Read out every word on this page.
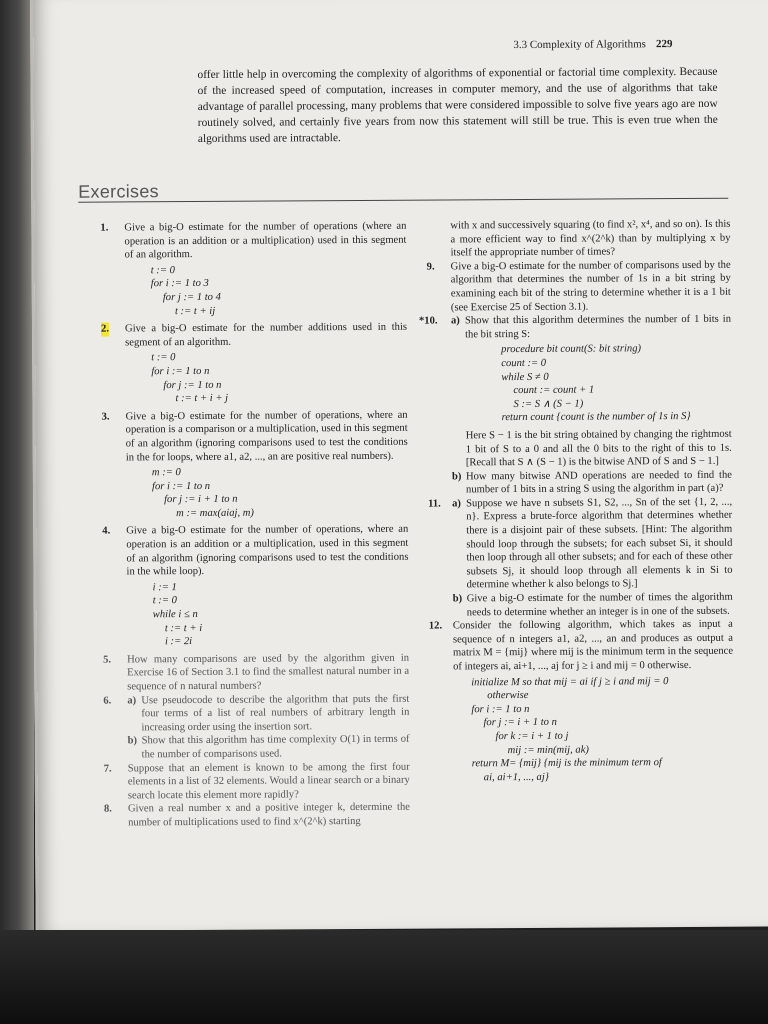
3.3 Complexity of Algorithms 229
offer little help in overcoming the complexity of algorithms of exponential or factorial time complexity. Because of the increased speed of computation, increases in computer memory, and the use of algorithms that take advantage of parallel processing, many problems that were considered impossible to solve five years ago are now routinely solved, and certainly five years from now this statement will still be true. This is even true when the algorithms used are intractable.
Exercises
1. Give a big-O estimate for the number of operations (where an operation is an addition or a multiplication) used in this segment of an algorithm.
t := 0
for i := 1 to 3
for j := 1 to 4
t := t + ij
2. Give a big-O estimate for the number additions used in this segment of an algorithm.
t := 0
for i := 1 to n
for j := 1 to n
t := t + i + j
3. Give a big-O estimate for the number of operations, where an operation is a comparison or a multiplication, used in this segment of an algorithm (ignoring comparisons used to test the conditions in the for loops, where a1, a2, ..., an are positive real numbers).
m := 0
for i := 1 to n
for j := i + 1 to n
m := max(aiaj, m)
4. Give a big-O estimate for the number of operations, where an operation is an addition or a multiplication, used in this segment of an algorithm (ignoring comparisons used to test the conditions in the while loop).
i := 1
t := 0
while i ≤ n
t := t + i
i := 2i
5. How many comparisons are used by the algorithm given in Exercise 16 of Section 3.1 to find the smallest natural number in a sequence of n natural numbers?
6. a) Use pseudocode to describe the algorithm that puts the first four terms of a list of real numbers of arbitrary length in increasing order using the insertion sort.
b) Show that this algorithm has time complexity O(1) in terms of the number of comparisons used.
7. Suppose that an element is known to be among the first four elements in a list of 32 elements. Would a linear search or a binary search locate this element more rapidly?
8. Given a real number x and a positive integer k, determine the number of multiplications used to find x^(2^k) starting
with x and successively squaring (to find x², x⁴, and so on). Is this a more efficient way to find x^(2^k) than by multiplying x by itself the appropriate number of times?
9. Give a big-O estimate for the number of comparisons used by the algorithm that determines the number of 1s in a bit string by examining each bit of the string to determine whether it is a 1 bit (see Exercise 25 of Section 3.1).
*10. a) Show that this algorithm determines the number of 1 bits in the bit string S:
procedure bit count(S: bit string)
count := 0
while S ≠ 0
count := count + 1
S := S ∧ (S − 1)
return count {count is the number of 1s in S}
Here S − 1 is the bit string obtained by changing the rightmost 1 bit of S to a 0 and all the 0 bits to the right of this to 1s. [Recall that S ∧ (S − 1) is the bitwise AND of S and S − 1.]
b) How many bitwise AND operations are needed to find the number of 1 bits in a string S using the algorithm in part (a)?
11. a) Suppose we have n subsets S1, S2, ..., Sn of the set {1, 2, ..., n}. Express a brute-force algorithm that determines whether there is a disjoint pair of these subsets. [Hint: The algorithm should loop through the subsets; for each subset Si, it should then loop through all other subsets; and for each of these other subsets Sj, it should loop through all elements k in Si to determine whether k also belongs to Sj.]
b) Give a big-O estimate for the number of times the algorithm needs to determine whether an integer is in one of the subsets.
12. Consider the following algorithm, which takes as input a sequence of n integers a1, a2, ..., an and produces as output a matrix M = {mij} where mij is the minimum term in the sequence of integers ai, ai+1, ..., aj for j ≥ i and mij = 0 otherwise.
initialize M so that mij = ai if j ≥ i and mij = 0
otherwise
for i := 1 to n
for j := i + 1 to n
for k := i + 1 to j
mij := min(mij, ak)
return M= {mij} {mij is the minimum term of
ai, ai+1, ..., aj}
